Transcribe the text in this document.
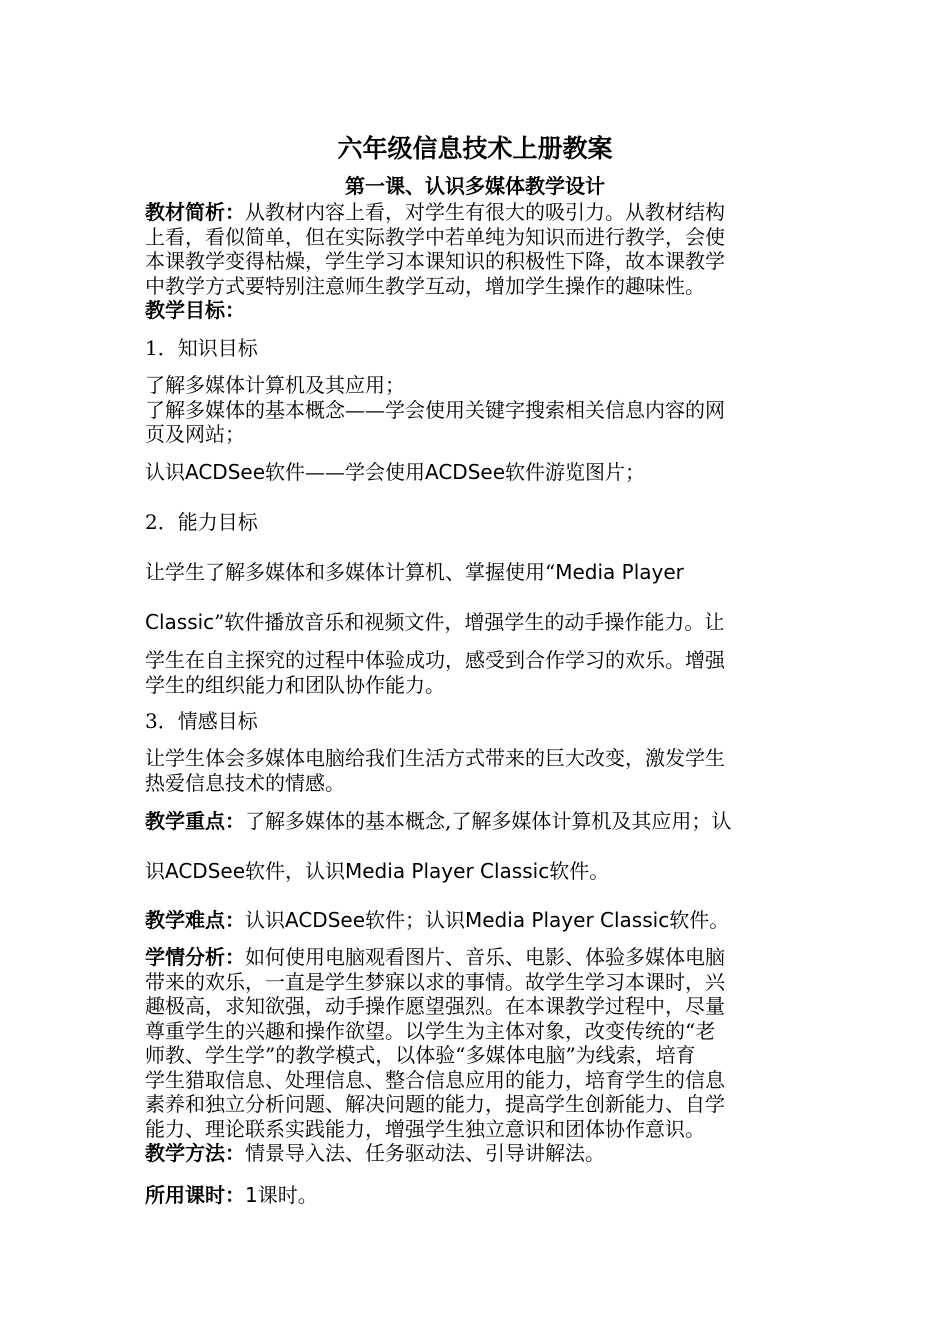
六年级信息技术上册教案
第一课、认识多媒体教学设计
教材简析：从教材内容上看，对学生有很大的吸引力。从教材结构
上看，看似简单，但在实际教学中若单纯为知识而进行教学，会使
本课教学变得枯燥，学生学习本课知识的积极性下降，故本课教学
中教学方式要特别注意师生教学互动，增加学生操作的趣味性。
教学目标：
1．知识目标
了解多媒体计算机及其应用；
了解多媒体的基本概念——学会使用关键字搜索相关信息内容的网
页及网站；
认识ACDSee软件——学会使用ACDSee软件游览图片；
2．能力目标
让学生了解多媒体和多媒体计算机、掌握使用“Media Player
Classic”软件播放音乐和视频文件，增强学生的动手操作能力。让
学生在自主探究的过程中体验成功，感受到合作学习的欢乐。增强
学生的组织能力和团队协作能力。
3．情感目标
让学生体会多媒体电脑给我们生活方式带来的巨大改变，激发学生
热爱信息技术的情感。
教学重点：了解多媒体的基本概念,了解多媒体计算机及其应用；认
识ACDSee软件，认识Media Player Classic软件。
教学难点：认识ACDSee软件；认识Media Player Classic软件。
学情分析：如何使用电脑观看图片、音乐、电影、体验多媒体电脑
带来的欢乐，一直是学生梦寐以求的事情。故学生学习本课时，兴
趣极高，求知欲强，动手操作愿望强烈。在本课教学过程中，尽量
尊重学生的兴趣和操作欲望。以学生为主体对象，改变传统的“老
师教、学生学”的教学模式，以体验“多媒体电脑”为线索，培育
学生猎取信息、处理信息、整合信息应用的能力，培育学生的信息
素养和独立分析问题、解决问题的能力，提高学生创新能力、自学
能力、理论联系实践能力，增强学生独立意识和团体协作意识。
教学方法：情景导入法、任务驱动法、引导讲解法。
所用课时：1课时。
